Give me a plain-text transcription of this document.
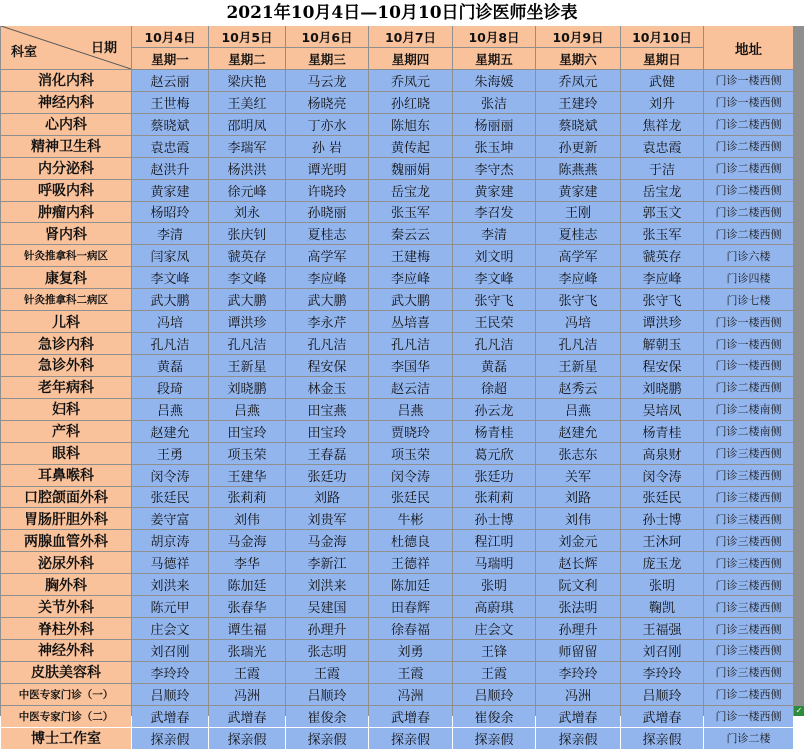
2021年10月4日—10月10日门诊医师坐诊表
科室	日期
10月4日	10月5日	10月6日	10月7日	10月8日	10月9日	10月10日
地址
星期一	星期二	星期三	星期四	星期五	星期六	星期日
消化内科	赵云丽	梁庆艳	马云龙	乔凤元	朱海媛	乔凤元	武健	门诊一楼西侧
神经内科	王世梅	王美红	杨晓亮	孙红晓	张洁	王建玲	刘升	门诊一楼西侧
心内科	蔡晓斌	邵明凤	丁亦水	陈旭东	杨丽丽	蔡晓斌	焦祥龙	门诊二楼西侧
精神卫生科	袁忠霞	李瑞军	孙 岩	黄传起	张玉坤	孙更新	袁忠霞	门诊二楼西侧
内分泌科	赵洪升	杨洪洪	谭光明	魏丽娟	李守杰	陈燕燕	于洁	门诊二楼西侧
呼吸内科	黄家建	徐元峰	许晓玲	岳宝龙	黄家建	黄家建	岳宝龙	门诊二楼西侧
肿瘤内科	杨昭玲	刘永	孙晓丽	张玉军	李召发	王刚	郭玉文	门诊二楼西侧
肾内科	李清	张庆钊	夏桂志	秦云云	李清	夏桂志	张玉军	门诊二楼西侧
针灸推拿科一病区	闫家凤	虢英存	高学军	王建梅	刘文明	高学军	虢英存	门诊六楼
康复科	李文峰	李文峰	李应峰	李应峰	李文峰	李应峰	李应峰	门诊四楼
针灸推拿科二病区	武大鹏	武大鹏	武大鹏	武大鹏	张守飞	张守飞	张守飞	门诊七楼
儿科	冯培	谭洪珍	李永芹	丛培喜	王民荣	冯培	谭洪珍	门诊一楼西侧
急诊内科	孔凡洁	孔凡洁	孔凡洁	孔凡洁	孔凡洁	孔凡洁	解朝玉	门诊一楼西侧
急诊外科	黄磊	王新星	程安保	李国华	黄磊	王新星	程安保	门诊一楼西侧
老年病科	段琦	刘晓鹏	林金玉	赵云洁	徐超	赵秀云	刘晓鹏	门诊二楼西侧
妇科	吕燕	吕燕	田宝燕	吕燕	孙云龙	吕燕	吴培凤	门诊二楼南侧
产科	赵建允	田宝玲	田宝玲	贾晓玲	杨青桂	赵建允	杨青桂	门诊二楼南侧
眼科	王勇	项玉荣	王春磊	项玉荣	葛元欣	张志东	高泉财	门诊三楼西侧
耳鼻喉科	闵令涛	王建华	张廷功	闵令涛	张廷功	关军	闵令涛	门诊三楼西侧
口腔颌面外科	张廷民	张莉莉	刘路	张廷民	张莉莉	刘路	张廷民	门诊三楼西侧
胃肠肝胆外科	姜守富	刘伟	刘贵军	牛彬	孙士博	刘伟	孙士博	门诊三楼西侧
两腺血管外科	胡京涛	马金海	马金海	杜德良	程江明	刘金元	王沐珂	门诊三楼西侧
泌尿外科	马德祥	李华	李新江	王德祥	马瑞明	赵长辉	庞玉龙	门诊三楼西侧
胸外科	刘洪来	陈加廷	刘洪来	陈加廷	张明	阮文利	张明	门诊三楼西侧
关节外科	陈元甲	张春华	吴建国	田春辉	高蔚琪	张法明	鞠凯	门诊三楼西侧
脊柱外科	庄会文	谭生福	孙理升	徐春福	庄会文	孙理升	王福强	门诊三楼西侧
神经外科	刘召刚	张瑞光	张志明	刘勇	王锋	师留留	刘召刚	门诊三楼西侧
皮肤美容科	李玲玲	王霞	王霞	王霞	王霞	李玲玲	李玲玲	门诊三楼西侧
中医专家门诊（一）	吕顺玲	冯洲	吕顺玲	冯洲	吕顺玲	冯洲	吕顺玲	门诊二楼西侧
中医专家门诊（二）	武增春	武增春	崔俊余	武增春	崔俊余	武增春	武增春	门诊一楼西侧
博士工作室	探亲假	探亲假	探亲假	探亲假	探亲假	探亲假	探亲假	门诊二楼
✓
